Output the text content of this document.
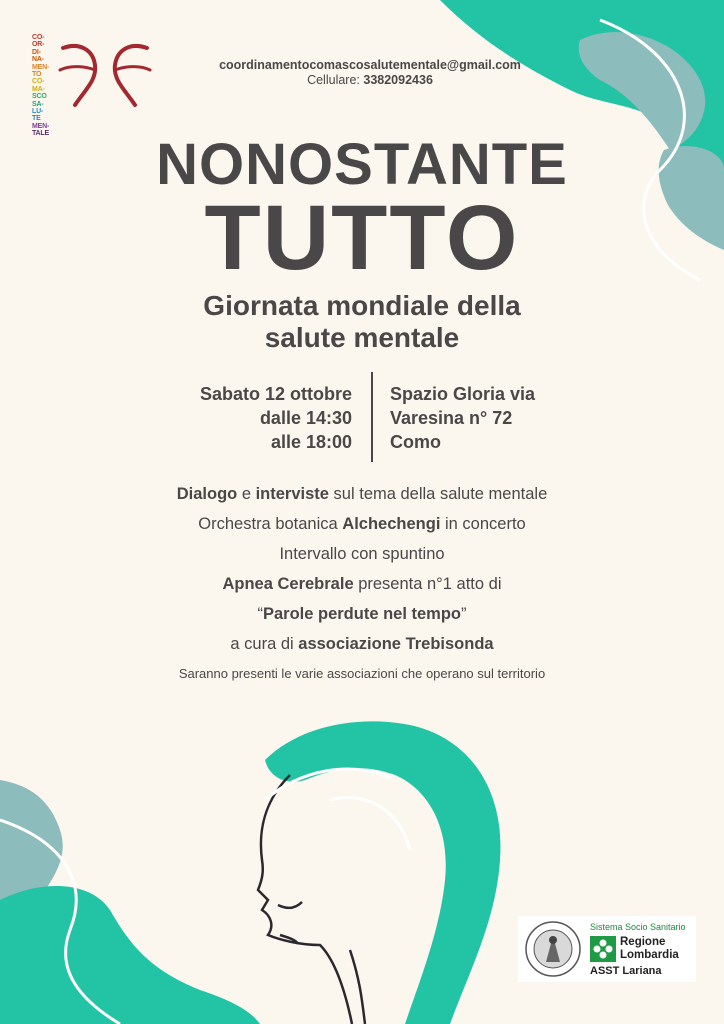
CO-
OR-
DI-
NA-
MEN-
TO
CO-
MA-
SCO
SA-
LU-
TE
MEN-
TALE
coordinamentocomascosalutementale@gmail.com
Cellulare: 3382092436
NONOSTANTE
TUTTO
Giornata mondiale della
salute mentale
Sabato 12 ottobre
dalle 14:30
alle 18:00
Spazio Gloria via
Varesina n° 72
Como
Dialogo e interviste sul tema della salute mentale
Orchestra botanica Alchechengi in concerto
Intervallo con spuntino
Apnea Cerebrale presenta n°1 atto di
“Parole perdute nel tempo”
a cura di associazione Trebisonda
Saranno presenti le varie associazioni che operano sul territorio
Sistema Socio Sanitario
Regione
Lombardia
ASST Lariana
